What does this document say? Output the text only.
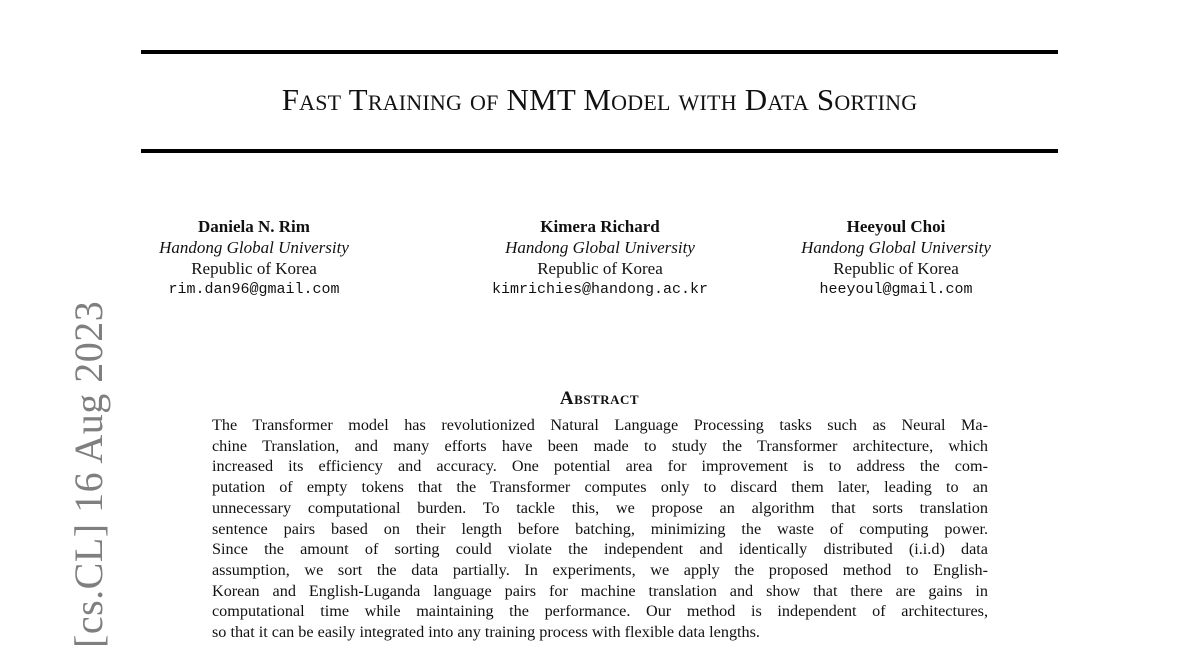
Fast Training of NMT Model with Data Sorting
Daniela N. Rim
Handong Global University
Republic of Korea
rim.dan96@gmail.com
Kimera Richard
Handong Global University
Republic of Korea
kimrichies@handong.ac.kr
Heeyoul Choi
Handong Global University
Republic of Korea
heeyoul@gmail.com
Abstract

The Transformer model has revolutionized Natural Language Processing tasks such as Neural Ma-
chine Translation, and many efforts have been made to study the Transformer architecture, which
increased its efficiency and accuracy. One potential area for improvement is to address the com-
putation of empty tokens that the Transformer computes only to discard them later, leading to an
unnecessary computational burden. To tackle this, we propose an algorithm that sorts translation
sentence pairs based on their length before batching, minimizing the waste of computing power.
Since the amount of sorting could violate the independent and identically distributed (i.i.d) data
assumption, we sort the data partially. In experiments, we apply the proposed method to English-
Korean and English-Luganda language pairs for machine translation and show that there are gains in
computational time while maintaining the performance. Our method is independent of architectures,
so that it can be easily integrated into any training process with flexible data lengths.

[cs.CL] 16 Aug 2023
